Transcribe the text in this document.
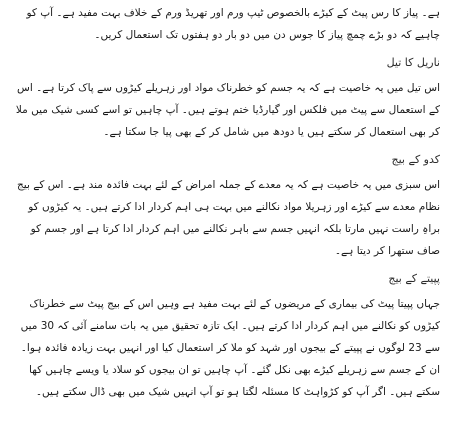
ہے۔ پیاز کا رس پیٹ کے کیڑے بالخصوص ٹیپ ورم اور تھریڈ ورم کے خلاف بہت مفید ہے۔ آپ کو چاہیے کہ دو بڑے چمچ پیاز کا جوس دن میں دو بار دو ہفتوں تک استعمال کریں۔

ناریل کا تیل

اس تیل میں یہ خاصیت ہے کہ یہ جسم کو خطرناک مواد اور زہریلے کیڑوں سے پاک کرتا ہے۔ اس کے استعمال سے پیٹ میں فلکس اور گیارڈیا ختم ہوتے ہیں۔ آپ چاہیں تو اسے کسی شیک میں ملا کر بھی استعمال کر سکتے ہیں یا دودھ میں شامل کر کے بھی پیا جا سکتا ہے۔

کدو کے بیج

اس سبزی میں یہ خاصیت ہے کہ یہ معدے کے جملہ امراض کے لئے بہت فائدہ مند ہے۔ اس کے بیج نظام معدے سے کیڑے اور زہریلا مواد نکالنے میں بہت ہی اہم کردار ادا کرتے ہیں۔ یہ کیڑوں کو براہِ راست نہیں مارتا بلکہ انہیں جسم سے باہر نکالنے میں اہم کردار ادا کرتا ہے اور جسم کو صاف ستھرا کر دیتا ہے۔

پپیتے کے بیج

جہاں پپیتا پیٹ کی بیماری کے مریضوں کے لئے بہت مفید ہے وہیں اس کے بیج پیٹ سے خطرناک کیڑوں کو نکالنے میں اہم کردار ادا کرتے ہیں۔ ایک تازہ تحقیق میں یہ بات سامنے آئی کہ 30 میں سے 23 لوگوں نے پپیتے کے بیجوں اور شہد کو ملا کر استعمال کیا اور انہیں بہت زیادہ فائدہ ہوا۔ ان کے جسم سے زہریلے کیڑے بھی نکل گئے۔ آپ چاہیں تو ان بیجوں کو سلاد یا ویسے چاہیں کھا سکتے ہیں۔ اگر آپ کو کڑواہٹ کا مسئلہ لگتا ہو تو آپ انہیں شیک میں بھی ڈال سکتے ہیں۔
